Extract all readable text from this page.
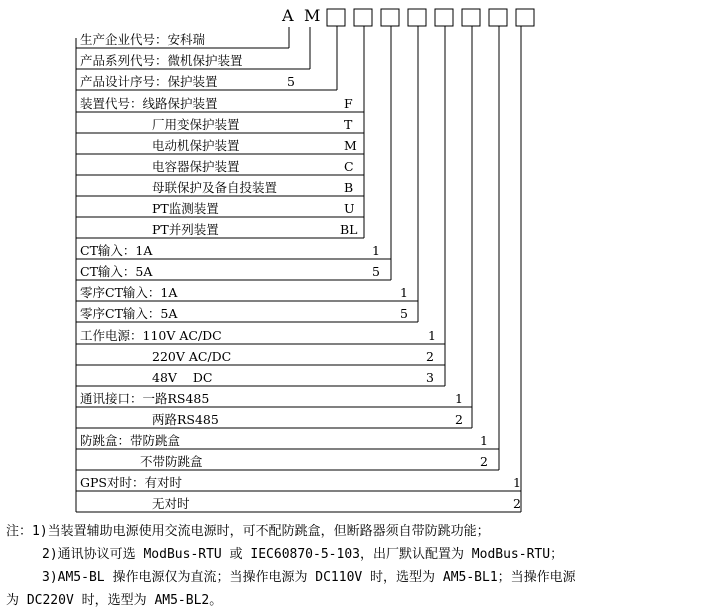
A M
生产企业代号：安科瑞
产品系列代号：微机保护装置
产品设计序号：保护装置	5
装置代号：线路保护装置	F
厂用变保护装置	T
电动机保护装置	M
电容器保护装置	C
母联保护及备自投装置	B
PT监测装置	U
PT并列装置	BL
CT输入：1A	1
CT输入：5A	5
零序CT输入：1A	1
零序CT输入：5A	5
工作电源：110V AC/DC	1
220V AC/DC	2
48V    DC	3
通讯接口：一路RS485	1
两路RS485	2
防跳盒：带防跳盒	1
不带防跳盒	2
GPS对时：有对时	1
无对时	2
注：1)当装置辅助电源使用交流电源时，可不配防跳盒，但断路器须自带防跳功能；
2)通讯协议可选 ModBus-RTU 或 IEC60870-5-103，出厂默认配置为 ModBus-RTU；
3)AM5-BL 操作电源仅为直流；当操作电源为 DC110V 时，选型为 AM5-BL1；当操作电源
为 DC220V 时，选型为 AM5-BL2。
